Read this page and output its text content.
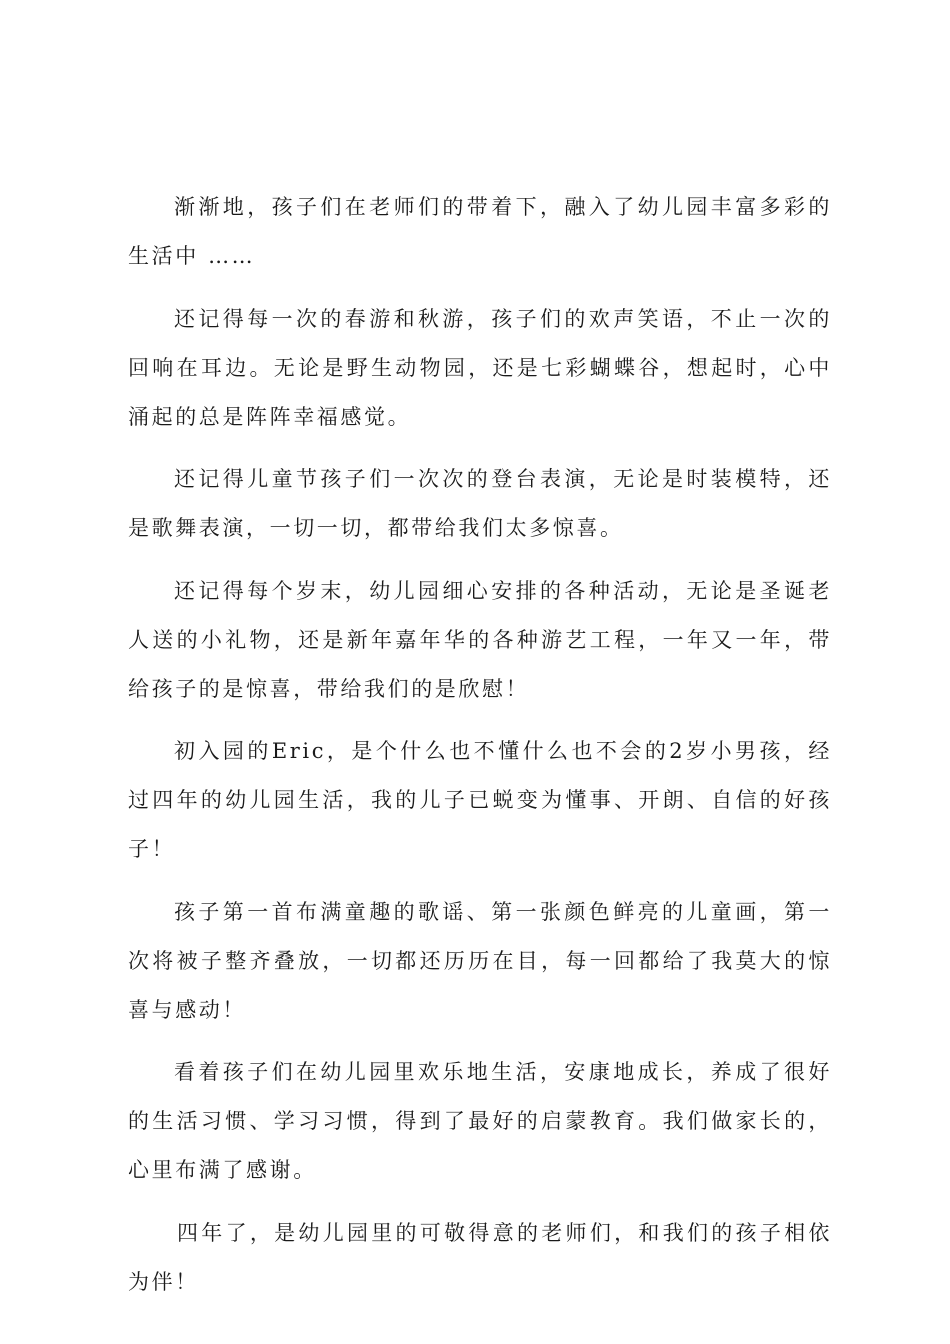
渐渐地，孩子们在老师们的带着下，融入了幼儿园丰富多彩的生活中 ……

还记得每一次的春游和秋游，孩子们的欢声笑语，不止一次的回响在耳边。无论是野生动物园，还是七彩蝴蝶谷，想起时，心中涌起的总是阵阵幸福感觉。

还记得儿童节孩子们一次次的登台表演，无论是时装模特，还是歌舞表演，一切一切，都带给我们太多惊喜。

还记得每个岁末，幼儿园细心安排的各种活动，无论是圣诞老人送的小礼物，还是新年嘉年华的各种游艺工程，一年又一年，带给孩子的是惊喜，带给我们的是欣慰！

初入园的Eric，是个什么也不懂什么也不会的2岁小男孩，经过四年的幼儿园生活，我的儿子已蜕变为懂事、开朗、自信的好孩子！

孩子第一首布满童趣的歌谣、第一张颜色鲜亮的儿童画，第一次将被子整齐叠放，一切都还历历在目，每一回都给了我莫大的惊喜与感动！

看着孩子们在幼儿园里欢乐地生活，安康地成长，养成了很好的生活习惯、学习习惯，得到了最好的启蒙教育。我们做家长的，心里布满了感谢。

四年了，是幼儿园里的可敬得意的老师们，和我们的孩子相依为伴！
